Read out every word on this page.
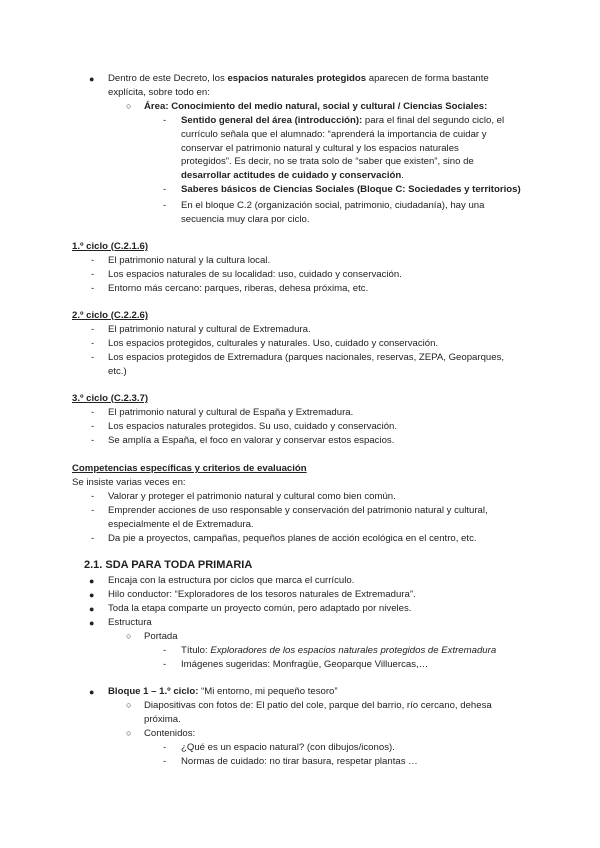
● Dentro de este Decreto, los espacios naturales protegidos aparecen de forma bastante
explícita, sobre todo en:
○ Área: Conocimiento del medio natural, social y cultural / Ciencias Sociales:
- Sentido general del área (introducción): para el final del segundo ciclo, el
currículo señala que el alumnado: “aprenderá la importancia de cuidar y
conservar el patrimonio natural y cultural y los espacios naturales
protegidos”. Es decir, no se trata solo de “saber que existen”, sino de
desarrollar actitudes de cuidado y conservación.
- Saberes básicos de Ciencias Sociales (Bloque C: Sociedades y territorios)
- En el bloque C.2 (organización social, patrimonio, ciudadanía), hay una
secuencia muy clara por ciclo.
1.º ciclo (C.2.1.6)
- El patrimonio natural y la cultura local.
- Los espacios naturales de su localidad: uso, cuidado y conservación.
- Entorno más cercano: parques, riberas, dehesa próxima, etc.
2.º ciclo (C.2.2.6)
- El patrimonio natural y cultural de Extremadura.
- Los espacios protegidos, culturales y naturales. Uso, cuidado y conservación.
- Los espacios protegidos de Extremadura (parques nacionales, reservas, ZEPA, Geoparques,
etc.)
3.º ciclo (C.2.3.7)
- El patrimonio natural y cultural de España y Extremadura.
- Los espacios naturales protegidos. Su uso, cuidado y conservación.
- Se amplía a España, el foco en valorar y conservar estos espacios.
Competencias específicas y criterios de evaluación
Se insiste varias veces en:
- Valorar y proteger el patrimonio natural y cultural como bien común.
- Emprender acciones de uso responsable y conservación del patrimonio natural y cultural,
especialmente el de Extremadura.
- Da pie a proyectos, campañas, pequeños planes de acción ecológica en el centro, etc.
2.1. SDA PARA TODA PRIMARIA
● Encaja con la estructura por ciclos que marca el currículo.
● Hilo conductor: “Exploradores de los tesoros naturales de Extremadura”.
● Toda la etapa comparte un proyecto común, pero adaptado por niveles.
● Estructura
○ Portada
- Título: Exploradores de los espacios naturales protegidos de Extremadura
- Imágenes sugeridas: Monfragüe, Geoparque Villuercas,…
● Bloque 1 – 1.º ciclo: “Mi entorno, mi pequeño tesoro”
○ Diapositivas con fotos de: El patio del cole, parque del barrio, río cercano, dehesa
próxima.
○ Contenidos:
- ¿Qué es un espacio natural? (con dibujos/iconos).
- Normas de cuidado: no tirar basura, respetar plantas …
